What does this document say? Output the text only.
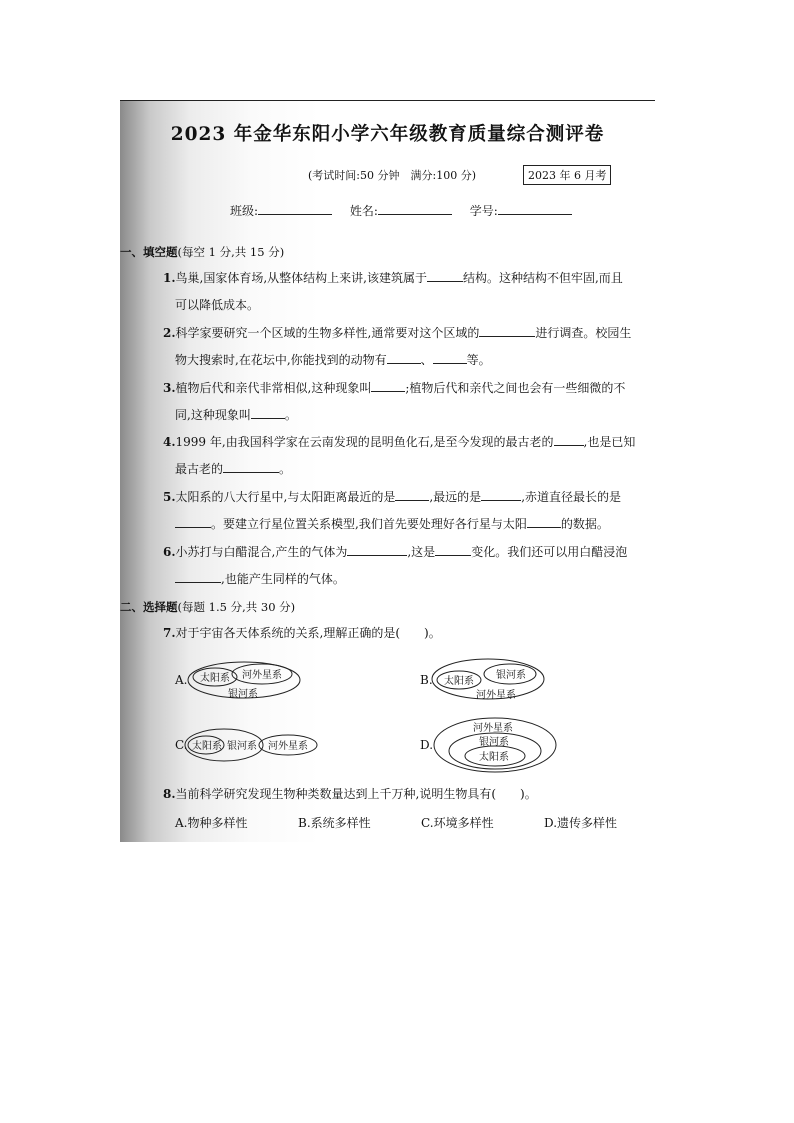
2023 年金华东阳小学六年级教育质量综合测评卷
(考试时间:50 分钟　满分:100 分)	2023 年 6 月考
班级:	姓名:	学号:
一、填空题(每空 1 分,共 15 分)
1.鸟巢,国家体育场,从整体结构上来讲,该建筑属于	结构。这种结构不但牢固,而且
可以降低成本。
2.科学家要研究一个区域的生物多样性,通常要对这个区域的	进行调查。校园生
物大搜索时,在花坛中,你能找到的动物有	、	等。
3.植物后代和亲代非常相似,这种现象叫	;植物后代和亲代之间也会有一些细微的不
同,这种现象叫	。
4.1999 年,由我国科学家在云南发现的昆明鱼化石,是至今发现的最古老的	,也是已知
最古老的	。
5.太阳系的八大行星中,与太阳距离最近的是	,最远的是	,赤道直径最长的是
。要建立行星位置关系模型,我们首先要处理好各行星与太阳	的数据。
6.小苏打与白醋混合,产生的气体为	,这是	变化。我们还可以用白醋浸泡
,也能产生同样的气体。
二、选择题(每题 1.5 分,共 30 分)
7.对于宇宙各天体系统的关系,理解正确的是(　　)。
A. 太阳系 河外星系
银河系
B. 太阳系
银河系
河外星系
C. 太阳系 银河系 河外星系	D.
河外星系
银河系
太阳系
8.当前科学研究发现生物种类数量达到上千万种,说明生物具有(　　)。
A.物种多样性	B.系统多样性	C.环境多样性	D.遗传多样性
